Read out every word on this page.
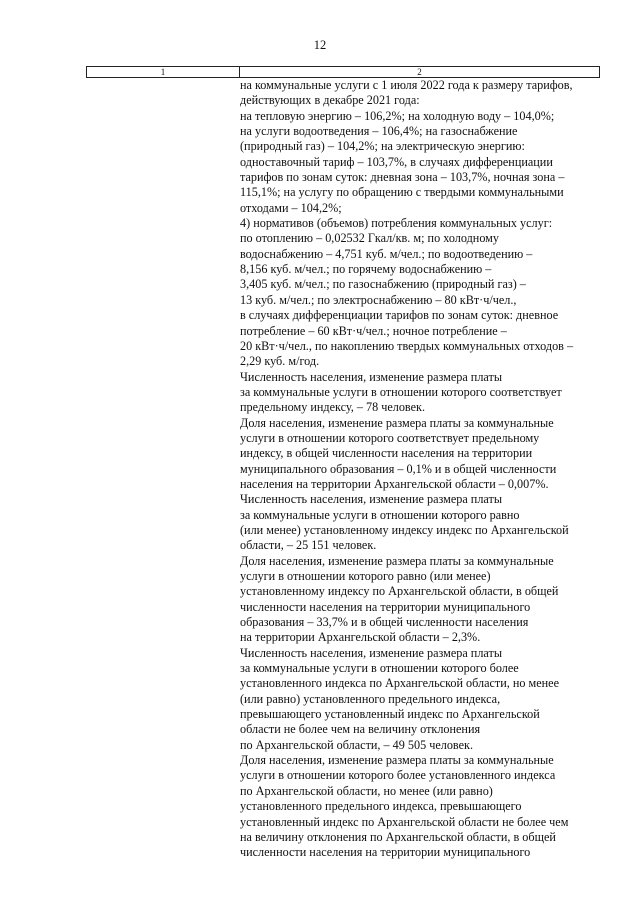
12
1	2
на коммунальные услуги с 1 июля 2022 года к размеру тарифов,
действующих в декабре 2021 года:
на тепловую энергию – 106,2%; на холодную воду – 104,0%;
на услуги водоотведения – 106,4%; на газоснабжение
(природный газ) – 104,2%; на электрическую энергию:
одноставочный тариф – 103,7%, в случаях дифференциации
тарифов по зонам суток: дневная зона – 103,7%, ночная зона –
115,1%; на услугу по обращению с твердыми коммунальными
отходами – 104,2%;
4) нормативов (объемов) потребления коммунальных услуг:
по отоплению – 0,02532 Гкал/кв. м; по холодному
водоснабжению – 4,751 куб. м/чел.; по водоотведению –
8,156 куб. м/чел.; по горячему водоснабжению –
3,405 куб. м/чел.; по газоснабжению (природный газ) –
13 куб. м/чел.; по электроснабжению – 80 кВт·ч/чел.,
в случаях дифференциации тарифов по зонам суток: дневное
потребление – 60 кВт·ч/чел.; ночное потребление –
20 кВт·ч/чел., по накоплению твердых коммунальных отходов –
2,29 куб. м/год.
Численность населения, изменение размера платы
за коммунальные услуги в отношении которого соответствует
предельному индексу, – 78 человек.
Доля населения, изменение размера платы за коммунальные
услуги в отношении которого соответствует предельному
индексу, в общей численности населения на территории
муниципального образования – 0,1% и в общей численности
населения на территории Архангельской области – 0,007%.
Численность населения, изменение размера платы
за коммунальные услуги в отношении которого равно
(или менее) установленному индексу индекс по Архангельской
области, – 25 151 человек.
Доля населения, изменение размера платы за коммунальные
услуги в отношении которого равно (или менее)
установленному индексу по Архангельской области, в общей
численности населения на территории муниципального
образования – 33,7% и в общей численности населения
на территории Архангельской области – 2,3%.
Численность населения, изменение размера платы
за коммунальные услуги в отношении которого более
установленного индекса по Архангельской области, но менее
(или равно) установленного предельного индекса,
превышающего установленный индекс по Архангельской
области не более чем на величину отклонения
по Архангельской области, – 49 505 человек.
Доля населения, изменение размера платы за коммунальные
услуги в отношении которого более установленного индекса
по Архангельской области, но менее (или равно)
установленного предельного индекса, превышающего
установленный индекс по Архангельской области не более чем
на величину отклонения по Архангельской области, в общей
численности населения на территории муниципального
